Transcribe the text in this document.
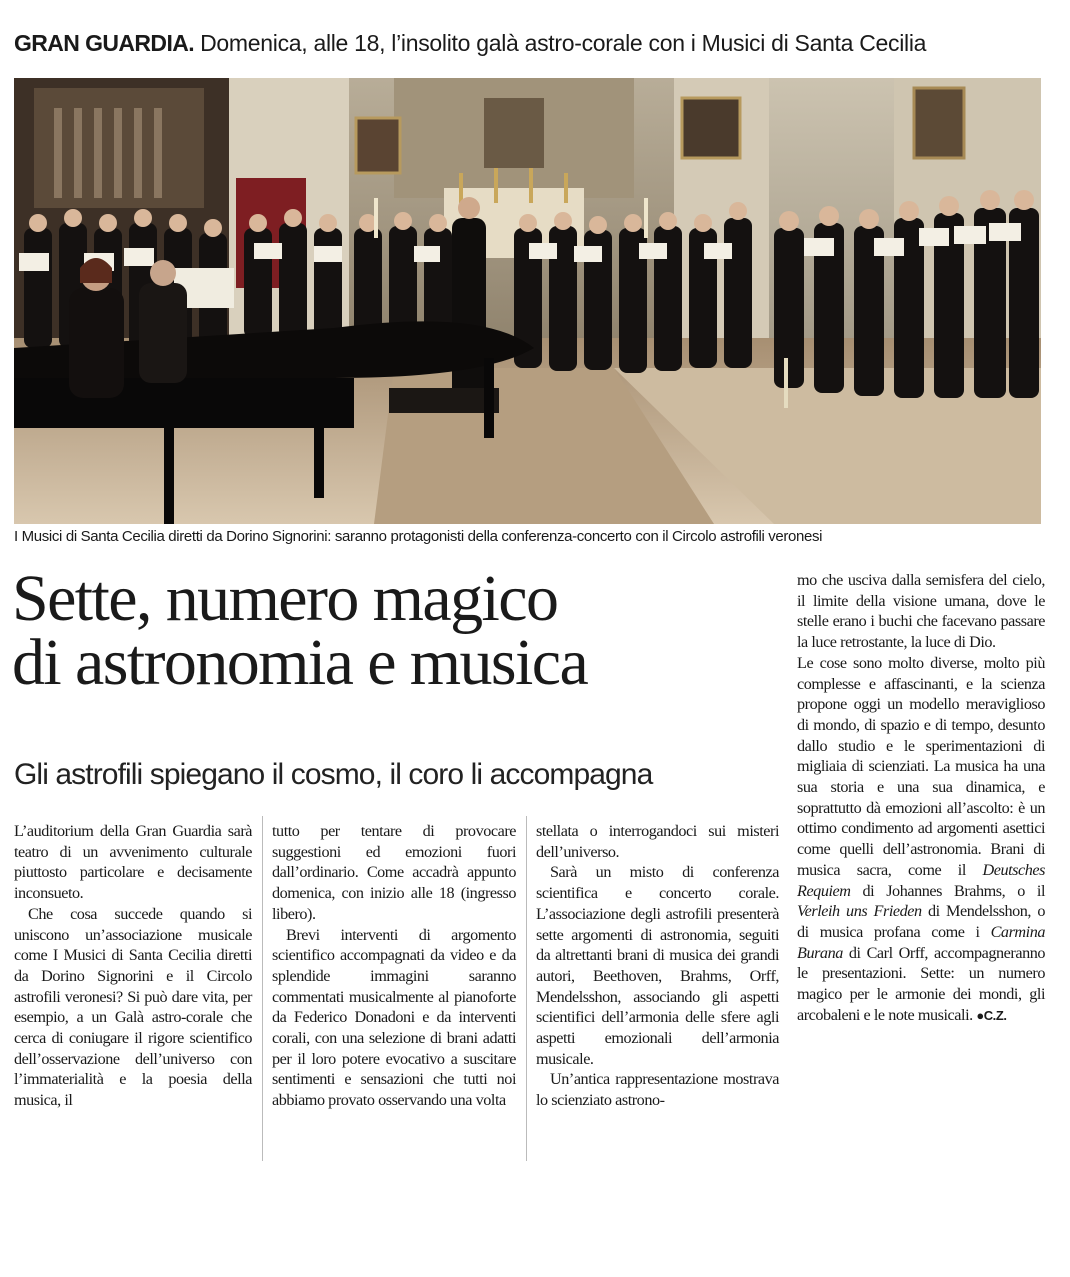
GRAN GUARDIA. Domenica, alle 18, l’insolito galà astro-corale con i Musici di Santa Cecilia
I Musici di Santa Cecilia diretti da Dorino Signorini: saranno protagonisti della conferenza-concerto con il Circolo astrofili veronesi
Sette, numero magico
di astronomia e musica
Gli astrofili spiegano il cosmo, il coro li accompagna

L’auditorium della Gran Guardia sarà teatro di un avvenimento culturale piuttosto particolare e decisamente inconsueto.

Che cosa succede quando si uniscono un’associazione musicale come I Musici di Santa Cecilia diretti da Dorino Signorini e il Circolo astrofili veronesi? Si può dare vita, per esempio, a un Galà astro-corale che cerca di coniugare il rigore scientifico dell’osservazione dell’universo con l’immaterialità e la poesia della musica, il

tutto per tentare di provocare suggestioni ed emozioni fuori dall’ordinario. Come accadrà appunto domenica, con inizio alle 18 (ingresso libero).

Brevi interventi di argomento scientifico accompagnati da video e da splendide immagini saranno commentati musicalmente al pianoforte da Federico Donadoni e da interventi corali, con una selezione di brani adatti per il loro potere evocativo a suscitare sentimenti e sensazioni che tutti noi abbiamo provato osservando una volta

stellata o interrogandoci sui misteri dell’universo.

Sarà un misto di conferenza scientifica e concerto corale. L’associazione degli astrofili presenterà sette argomenti di astronomia, seguiti da altrettanti brani di musica dei grandi autori, Beethoven, Brahms, Orff, Mendelsshon, associando gli aspetti scientifici dell’armonia delle sfere agli aspetti emozionali dell’armonia musicale.

Un’antica rappresentazione mostrava lo scienziato astrono-

mo che usciva dalla semisfera del cielo, il limite della visione umana, dove le stelle erano i buchi che facevano passare la luce retrostante, la luce di Dio.

Le cose sono molto diverse, molto più complesse e affascinanti, e la scienza propone oggi un modello meraviglioso di mondo, di spazio e di tempo, desunto dallo studio e le sperimentazioni di migliaia di scienziati. La musica ha una sua storia e una sua dinamica, e soprattutto dà emozioni all’ascolto: è un ottimo condimento ad argomenti asettici come quelli dell’astronomia. Brani di musica sacra, come il Deutsches Requiem di Johannes Brahms, o il Verleih uns Frieden di Mendelsshon, o di musica profana come i Carmina Burana di Carl Orff, accompagneranno le presentazioni. Sette: un numero magico per le armonie dei mondi, gli arcobaleni e le note musicali. ●C.Z.
